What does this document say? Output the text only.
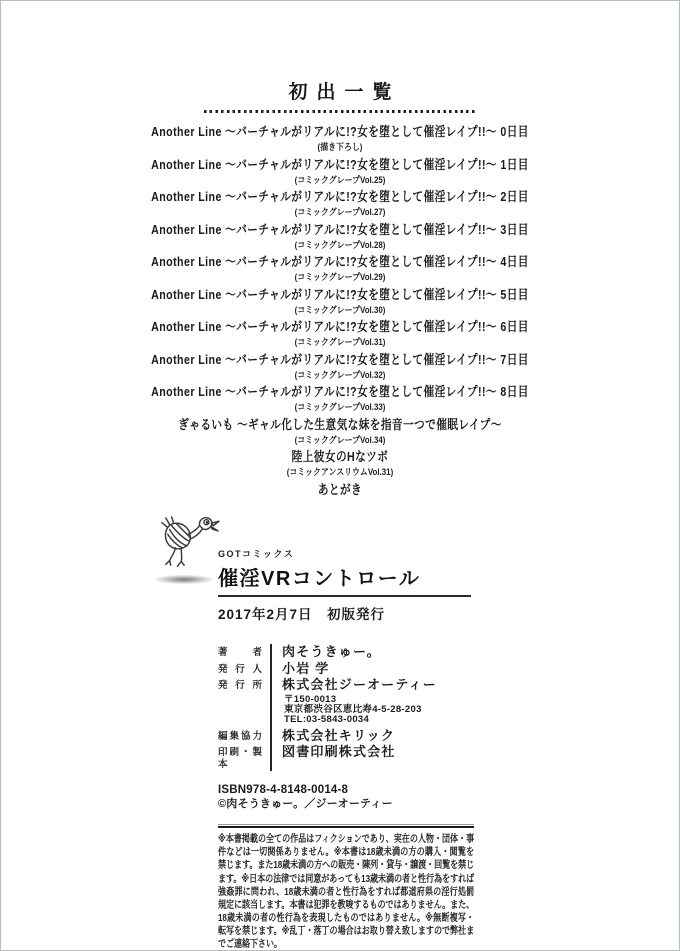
初出一覧
Another Line ～バーチャルがリアルに!?女を堕として催淫レイプ!!～ 0日目
(描き下ろし)
Another Line ～バーチャルがリアルに!?女を堕として催淫レイプ!!～ 1日目
(コミックグレープVol.25)
Another Line ～バーチャルがリアルに!?女を堕として催淫レイプ!!～ 2日目
(コミックグレープVol.27)
Another Line ～バーチャルがリアルに!?女を堕として催淫レイプ!!～ 3日目
(コミックグレープVol.28)
Another Line ～バーチャルがリアルに!?女を堕として催淫レイプ!!～ 4日目
(コミックグレープVol.29)
Another Line ～バーチャルがリアルに!?女を堕として催淫レイプ!!～ 5日目
(コミックグレープVol.30)
Another Line ～バーチャルがリアルに!?女を堕として催淫レイプ!!～ 6日目
(コミックグレープVol.31)
Another Line ～バーチャルがリアルに!?女を堕として催淫レイプ!!～ 7日目
(コミックグレープVol.32)
Another Line ～バーチャルがリアルに!?女を堕として催淫レイプ!!～ 8日目
(コミックグレープVol.33)
ぎゃるいも ～ギャル化した生意気な妹を指音一つで催眠レイプ～
(コミックグレープVol.34)
陸上彼女のHなツボ
(コミックアンスリウムVol.31)
あとがき
GOTコミックス
催淫VRコントロール
2017年2月7日　初版発行
著者 肉そうきゅー。
発行人 小岩 学
発行所 株式会社ジーオーティー
〒150-0013
東京都渋谷区恵比寿4-5-28-203
TEL:03-5843-0034
編集協力 株式会社キリック
印刷・製本
図書印刷株式会社
ISBN978-4-8148-0014-8
©肉そうきゅー。／ジーオーティー

※本書掲載の全ての作品はフィクションであり、実在の人物・団体・事件などは一切関係ありません。※本書は18歳未満の方の購入・閲覧を禁じます。また18歳未満の方への販売・陳列・貸与・譲渡・回覧を禁じます。※日本の法律では同意があっても13歳未満の者と性行為をすれば強姦罪に問われ、18歳未満の者と性行為をすれば都道府県の淫行処罰規定に該当します。本書は犯罪を教唆するものではありません。また、18歳未満の者の性行為を表現したものではありません。※無断複写・転写を禁じます。※乱丁・落丁の場合はお取り替え致しますので弊社までご連絡下さい。
